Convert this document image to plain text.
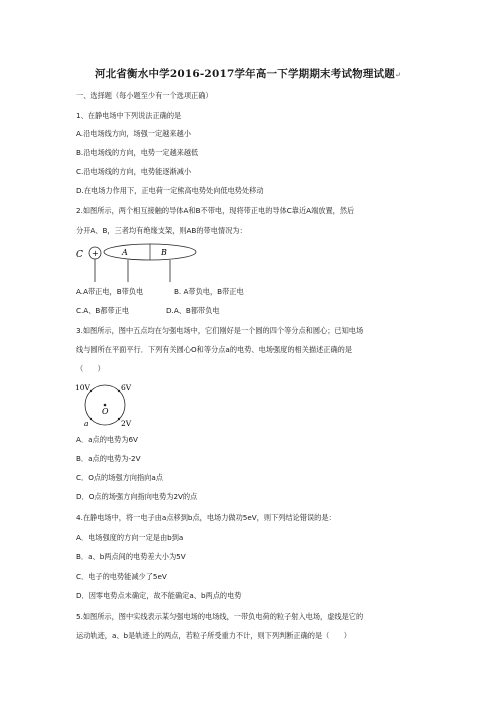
河北省衡水中学2016-2017学年高一下学期期末考试物理试题↵
一、选择题（每小题至少有一个选项正确）
1、在静电场中下列说法正确的是
A.沿电场线方向，场强一定越来越小
B.沿电场线的方向，电势一定越来越低
C.沿电场线的方向，电势能逐渐减小
D.在电场力作用下，正电荷一定熊高电势处向低电势处移动
2.如图所示，两个相互接触的导体A和B不带电，现将带正电的导体C靠近A端放置，然后
分开A、B，三者均有绝缘支架，则AB的带电情况为：
C +	A	B
A.A带正电，B带负电	B. A带负电，B带正电
C.A、B都带正电	D.A、B都带负电
3.如图所示，图中五点均在匀强电场中，它们刚好是一个圆的四个等分点和圆心；已知电场
线与圆所在平面平行．下列有关圆心O和等分点a的电势、电场强度的相关描述正确的是
（　　）
10V	6V
2V
O
a
A．a点的电势为6V
B．a点的电势为-2V
C．O点的场强方向指向a点
D．O点的场强方向指向电势为2V的点
4.在静电场中，将一电子由a点移到b点，电场力做功5eV，则下列结论错误的是：
A．电场强度的方向一定是由b到a
B．a、b两点间的电势差大小为5V
C．电子的电势能减少了5eV
D．因零电势点未确定，故不能确定a、b两点的电势
5.如图所示，图中实线表示某匀强电场的电场线，一带负电荷的粒子射入电场，虚线是它的
运动轨迹，a、b是轨迹上的两点，若粒子所受重力不计，则下列判断正确的是（　　）
